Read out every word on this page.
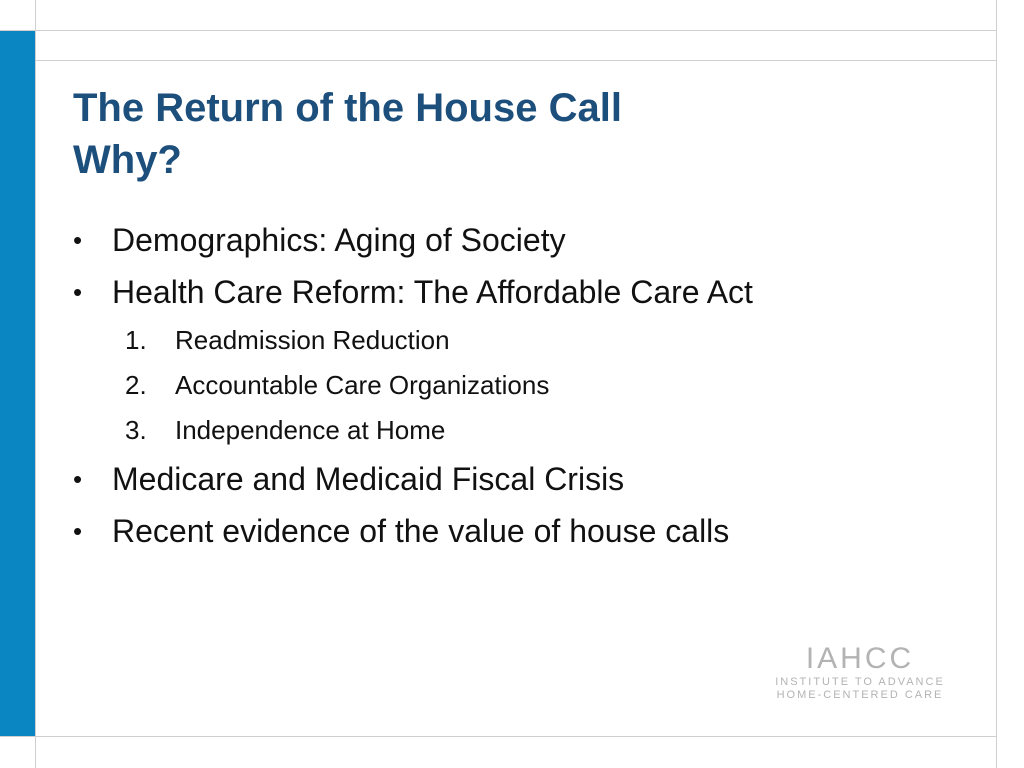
The Return of the House Call
Why?
• Demographics: Aging of Society
• Health Care Reform: The Affordable Care Act
1. Readmission Reduction
2. Accountable Care Organizations
3. Independence at Home
• Medicare and Medicaid Fiscal Crisis
• Recent evidence of the value of house calls
IAHCC
INSTITUTE TO ADVANCE
HOME-CENTERED CARE
